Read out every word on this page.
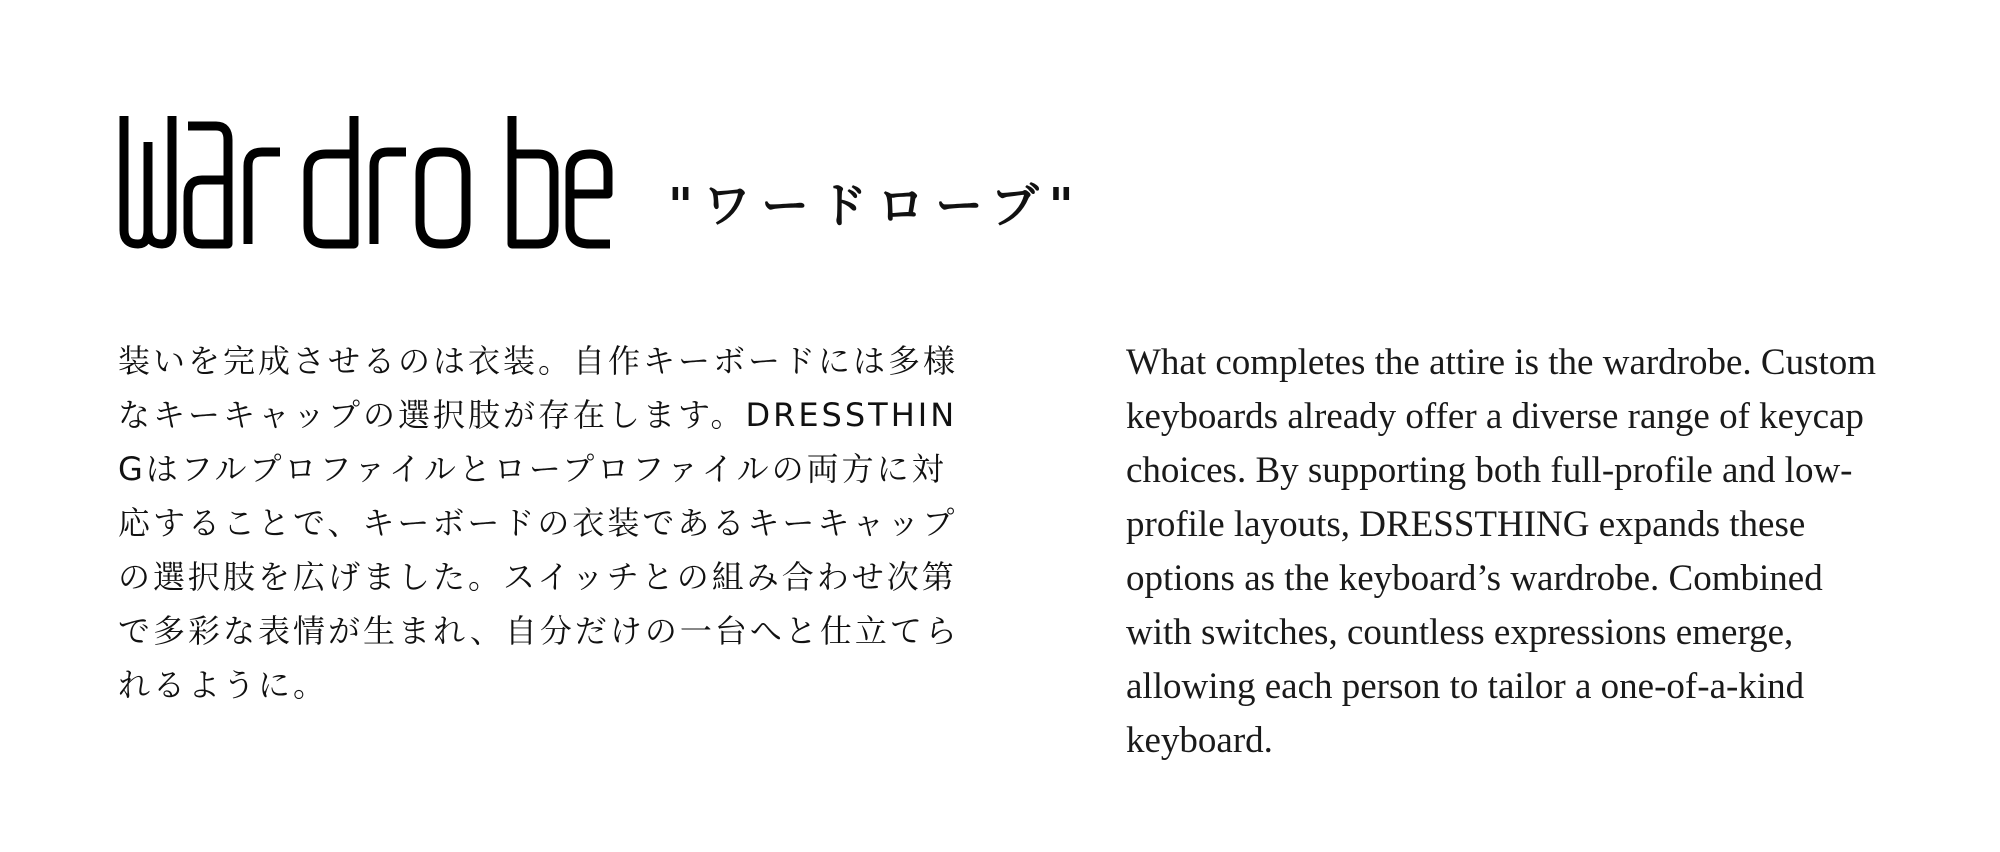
"ワードローブ"
装いを完成させるのは衣装。自作キーボードには多様なキーキャップの選択肢が存在します。DRESSTHINGはフルプロファイルとロープロファイルの両方に対応することで、キーボードの衣装であるキーキャップの選択肢を広げました。スイッチとの組み合わせ次第で多彩な表情が生まれ、自分だけの一台へと仕立てられるように。
What completes the attire is the wardrobe. Custom keyboards already offer a diverse range of keycap choices. By supporting both full-profile and low-profile layouts, DRESSTHING expands these options as the keyboard’s wardrobe. Combined with switches, countless expressions emerge, allowing each person to tailor a one-of-a-kind keyboard.
